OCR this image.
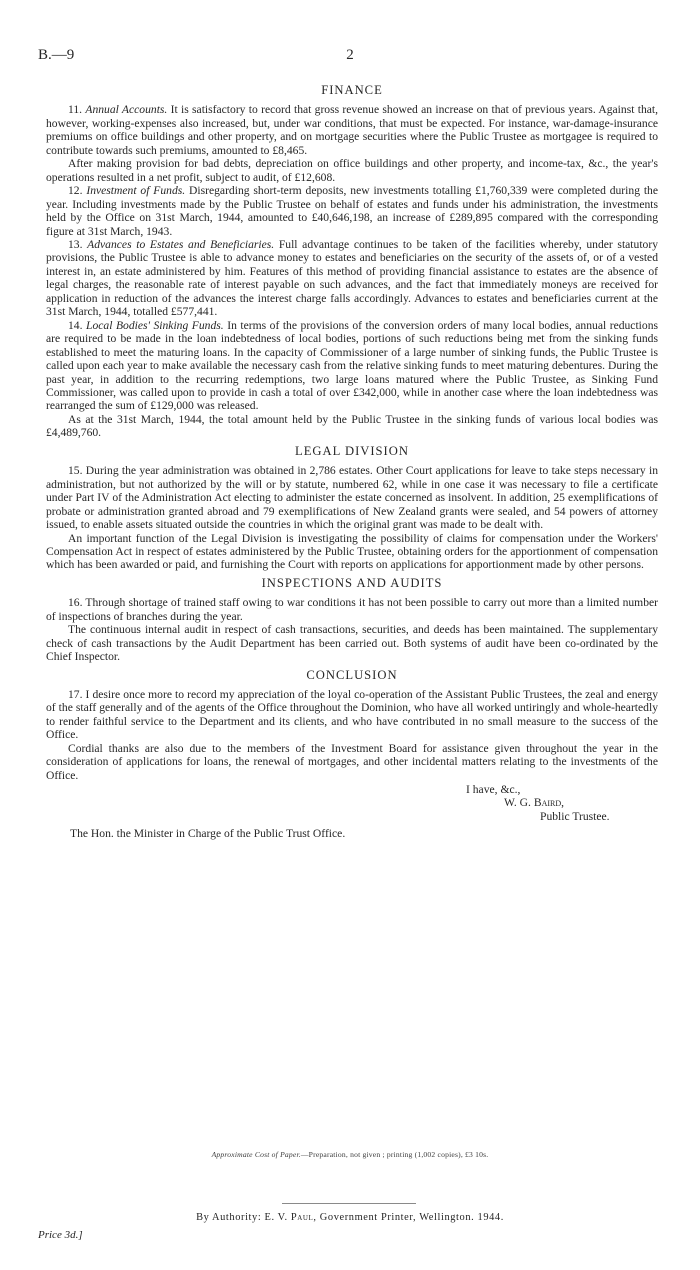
B.—9	2
FINANCE

11. Annual Accounts. It is satisfactory to record that gross revenue showed an increase on that of previous years. Against that, however, working-expenses also increased, but, under war conditions, that must be expected. For instance, war-damage-insurance premiums on office buildings and other property, and on mortgage securities where the Public Trustee as mortgagee is required to contribute towards such premiums, amounted to £8,465.

After making provision for bad debts, depreciation on office buildings and other property, and income-tax, &c., the year's operations resulted in a net profit, subject to audit, of £12,608.

12. Investment of Funds. Disregarding short-term deposits, new investments totalling £1,760,339 were completed during the year. Including investments made by the Public Trustee on behalf of estates and funds under his administration, the investments held by the Office on 31st March, 1944, amounted to £40,646,198, an increase of £289,895 compared with the corresponding figure at 31st March, 1943.

13. Advances to Estates and Beneficiaries. Full advantage continues to be taken of the facilities whereby, under statutory provisions, the Public Trustee is able to advance money to estates and beneficiaries on the security of the assets of, or of a vested interest in, an estate administered by him. Features of this method of providing financial assistance to estates are the absence of legal charges, the reasonable rate of interest payable on such advances, and the fact that immediately moneys are received for application in reduction of the advances the interest charge falls accordingly. Advances to estates and beneficiaries current at the 31st March, 1944, totalled £577,441.

14. Local Bodies' Sinking Funds. In terms of the provisions of the conversion orders of many local bodies, annual reductions are required to be made in the loan indebtedness of local bodies, portions of such reductions being met from the sinking funds established to meet the maturing loans. In the capacity of Commissioner of a large number of sinking funds, the Public Trustee is called upon each year to make available the necessary cash from the relative sinking funds to meet maturing debentures. During the past year, in addition to the recurring redemptions, two large loans matured where the Public Trustee, as Sinking Fund Commissioner, was called upon to provide in cash a total of over £342,000, while in another case where the loan indebtedness was rearranged the sum of £129,000 was released.

As at the 31st March, 1944, the total amount held by the Public Trustee in the sinking funds of various local bodies was £4,489,760.

LEGAL DIVISION

15. During the year administration was obtained in 2,786 estates. Other Court applications for leave to take steps necessary in administration, but not authorized by the will or by statute, numbered 62, while in one case it was necessary to file a certificate under Part IV of the Administration Act electing to administer the estate concerned as insolvent. In addition, 25 exemplifications of probate or administration granted abroad and 79 exemplifications of New Zealand grants were sealed, and 54 powers of attorney issued, to enable assets situated outside the countries in which the original grant was made to be dealt with.

An important function of the Legal Division is investigating the possibility of claims for compensation under the Workers' Compensation Act in respect of estates administered by the Public Trustee, obtaining orders for the apportionment of compensation which has been awarded or paid, and furnishing the Court with reports on applications for apportionment made by other persons.

INSPECTIONS AND AUDITS

16. Through shortage of trained staff owing to war conditions it has not been possible to carry out more than a limited number of inspections of branches during the year.

The continuous internal audit in respect of cash transactions, securities, and deeds has been maintained. The supplementary check of cash transactions by the Audit Department has been carried out. Both systems of audit have been co-ordinated by the Chief Inspector.

CONCLUSION

17. I desire once more to record my appreciation of the loyal co-operation of the Assistant Public Trustees, the zeal and energy of the staff generally and of the agents of the Office throughout the Dominion, who have all worked untiringly and whole-heartedly to render faithful service to the Department and its clients, and who have contributed in no small measure to the success of the Office.

Cordial thanks are also due to the members of the Investment Board for assistance given throughout the year in the consideration of applications for loans, the renewal of mortgages, and other incidental matters relating to the investments of the Office.

I have, &c.,
W. G. Baird,
Public Trustee.
The Hon. the Minister in Charge of the Public Trust Office.
Approximate Cost of Paper.—Preparation, not given ; printing (1,002 copies), £3 10s.
By Authority: E. V. Paul, Government Printer, Wellington. 1944.
Price 3d.]
